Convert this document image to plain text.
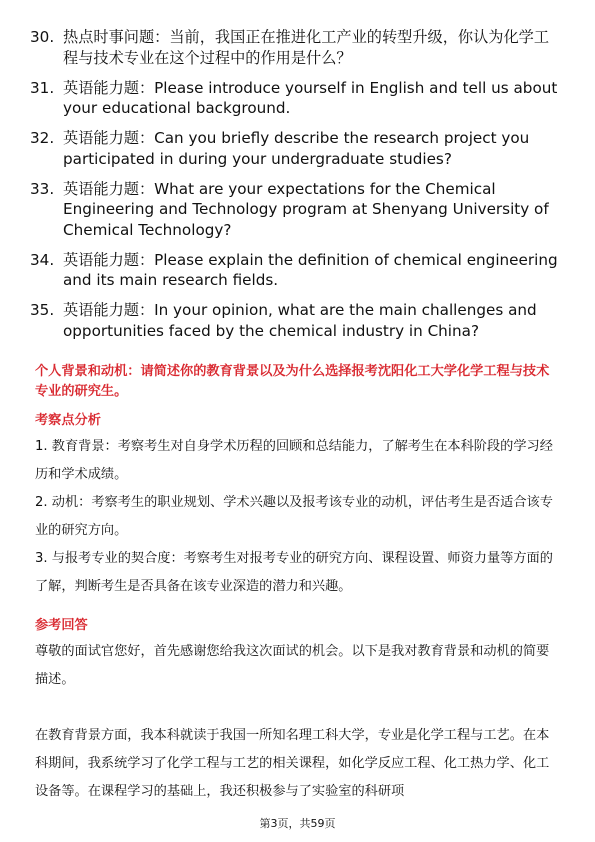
30. 热点时事问题：当前，我国正在推进化工产业的转型升级，你认为化学工程与技术专业在这个过程中的作用是什么？
31. 英语能力题：Please introduce yourself in English and tell us about your educational background.
32. 英语能力题：Can you briefly describe the research project you participated in during your undergraduate studies?
33. 英语能力题：What are your expectations for the Chemical Engineering and Technology program at Shenyang University of Chemical Technology?
34. 英语能力题：Please explain the definition of chemical engineering and its main research fields.
35. 英语能力题：In your opinion, what are the main challenges and opportunities faced by the chemical industry in China?
个人背景和动机：请简述你的教育背景以及为什么选择报考沈阳化工大学化学工程与技术专业的研究生。
考察点分析
1. 教育背景：考察考生对自身学术历程的回顾和总结能力，了解考生在本科阶段的学习经历和学术成绩。
2. 动机：考察考生的职业规划、学术兴趣以及报考该专业的动机，评估考生是否适合该专业的研究方向。
3. 与报考专业的契合度：考察考生对报考专业的研究方向、课程设置、师资力量等方面的了解，判断考生是否具备在该专业深造的潜力和兴趣。
参考回答
尊敬的面试官您好，首先感谢您给我这次面试的机会。以下是我对教育背景和动机的简要描述。
在教育背景方面，我本科就读于我国一所知名理工科大学，专业是化学工程与工艺。在本科期间，我系统学习了化学工程与工艺的相关课程，如化学反应工程、化工热力学、化工设备等。在课程学习的基础上，我还积极参与了实验室的科研项
第3页，共59页
